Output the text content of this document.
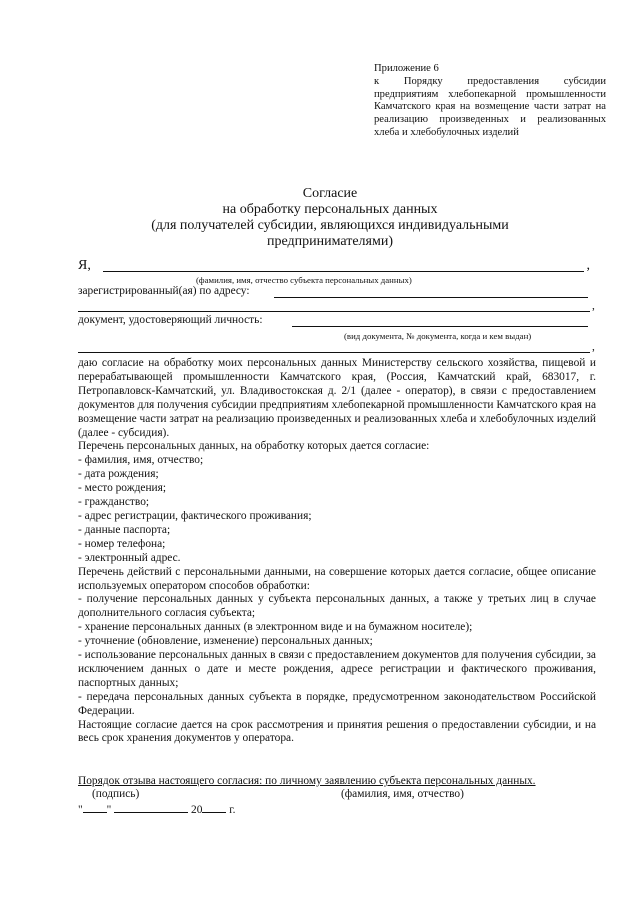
Приложение 6
к Порядку предоставления субсидии предприятиям хлебопекарной промышленности Камчатского края на возмещение части затрат на реализацию произведенных и реализованных хлеба и хлебобулочных изделий
Согласие
на обработку персональных данных
(для получателей субсидии, являющихся индивидуальными
предпринимателями)
Я,	,
(фамилия, имя, отчество субъекта персональных данных)
зарегистрированный(ая) по адресу:
,
документ, удостоверяющий личность:
(вид документа, № документа, когда и кем выдан)
,

даю согласие на обработку моих персональных данных Министерству сельского хозяйства, пищевой и перерабатывающей промышленности Камчатского края, (Россия, Камчатский край, 683017, г. Петропавловск-Камчатский, ул. Владивостокская д. 2/1 (далее - оператор), в связи с предоставлением документов для получения субсидии предприятиям хлебопекарной промышленности Камчатского края на возмещение части затрат на реализацию произведенных и реализованных хлеба и хлебобулочных изделий (далее - субсидия).

Перечень персональных данных, на обработку которых дается согласие:

- фамилия, имя, отчество;
- дата рождения;
- место рождения;
- гражданство;
- адрес регистрации, фактического проживания;
- данные паспорта;
- номер телефона;
- электронный адрес.

Перечень действий с персональными данными, на совершение которых дается согласие, общее описание используемых оператором способов обработки:

- получение персональных данных у субъекта персональных данных, а также у третьих лиц в случае дополнительного согласия субъекта;
- хранение персональных данных (в электронном виде и на бумажном носителе);
- уточнение (обновление, изменение) персональных данных;
- использование персональных данных в связи с предоставлением документов для получения субсидии, за исключением данных о дате и месте рождения, адресе регистрации и фактического проживания, паспортных данных;
- передача персональных данных субъекта в порядке, предусмотренном законодательством Российской Федерации.

Настоящие согласие дается на срок рассмотрения и принятия решения о предоставлении субсидии, и на весь срок хранения документов у оператора.

Порядок отзыва настоящего согласия: по личному заявлению субъекта персональных данных.
(подпись)	(фамилия, имя, отчество)
" "	20 г.
